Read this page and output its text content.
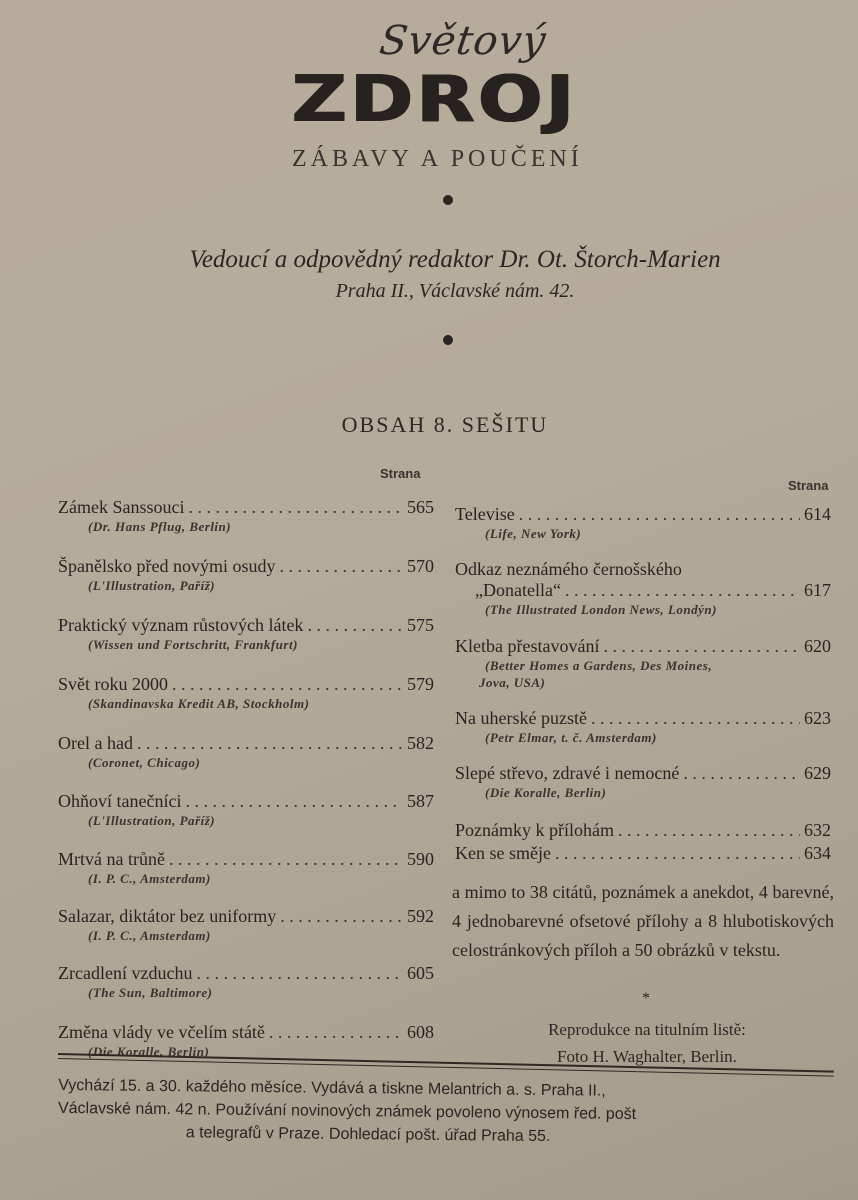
Světový
ZDROJ
ZÁBAVY A POUČENÍ
Vedoucí a odpovědný redaktor Dr. Ot. Štorch-Marien
Praha II., Václavské nám. 42.
OBSAH 8. SEŠITU
Strana
Strana
Zámek Sanssouci . . .	565
(Dr. Hans Pflug, Berlin)
Španělsko před novými osudy . . .	570
(L'Illustration, Paříž)
Praktický význam růstových látek . . .	575
(Wissen und Fortschritt, Frankfurt)
Svět roku 2000 . . .	579
(Skandinavska Kredit AB, Stockholm)
Orel a had . . .	582
(Coronet, Chicago)
Ohňoví tanečníci . . .	587
(L'Illustration, Paříž)
Mrtvá na trůně . . .	590
(I. P. C., Amsterdam)
Salazar, diktátor bez uniformy . . .	592
(I. P. C., Amsterdam)
Zrcadlení vzduchu . . .	605
(The Sun, Baltimore)
Změna vlády ve včelím státě . . .	608
(Die Koralle, Berlin)
Televise . . .	614
(Life, New York)
Odkaz neznámého černošského
„Donatella“ . . .	617
(The Illustrated London News, Londýn)
Kletba přestavování . . .	620
(Better Homes a Gardens, Des Moines,
Jova, USA)
Na uherské puzstě . . .	623
(Petr Elmar, t. č. Amsterdam)
Slepé střevo, zdravé i nemocné . . .	629
(Die Koralle, Berlin)
Poznámky k přílohám . . .	632
Ken se směje . . .	634
a mimo to 38 citátů, poznámek a anekdot, 4 barevné, 4 jednobarevné ofsetové přílohy a 8 hlubotiskových celostránkových příloh a 50 obrázků v tekstu.
*
Reprodukce na titulním listě:
Foto H. Waghalter, Berlin.
Vychází 15. a 30. každého měsíce. Vydává a tiskne Melantrich a. s. Praha II.,
Václavské nám. 42 n. Používání novinových známek povoleno výnosem řed. pošt
a telegrafů v Praze. Dohledací pošt. úřad Praha 55.
